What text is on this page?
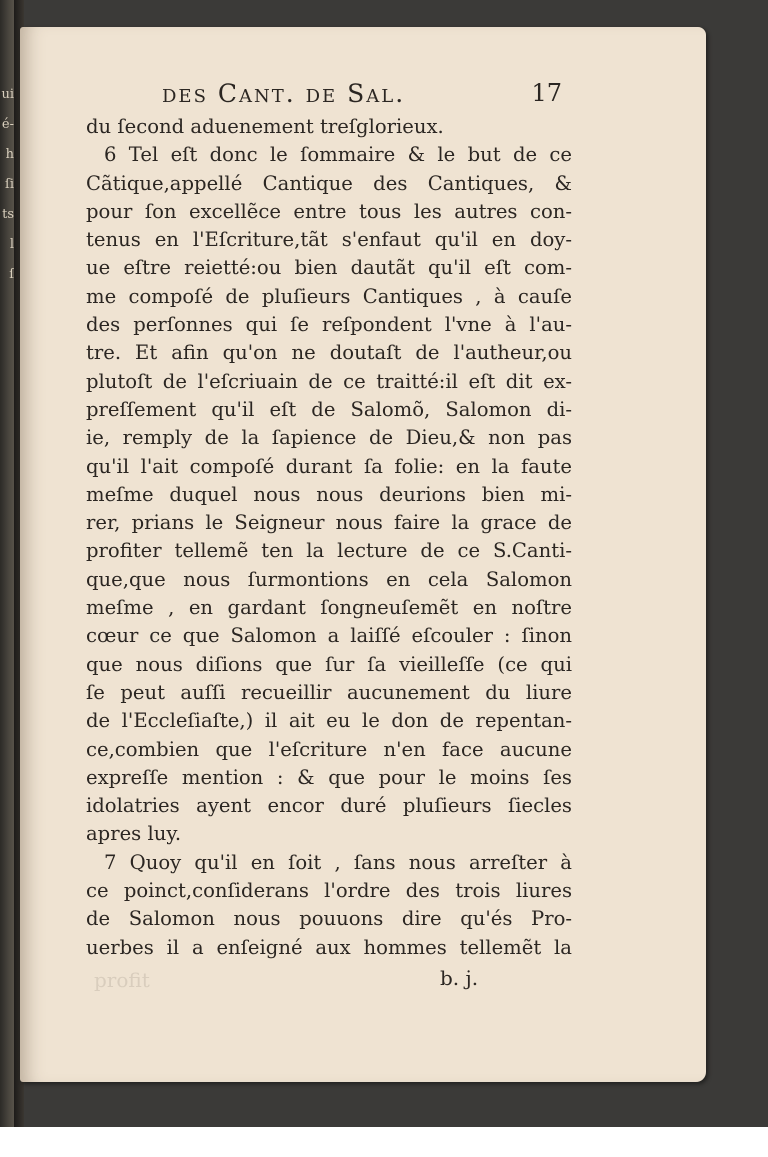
ui
é-
h
ſi
ts
l
ſ
des Cant. de Sal.	17
du ſecond aduenement treſglorieux.
6 Tel eſt donc le ſommaire & le but de ce
Cãtique,appellé Cantique des Cantiques, &
pour ſon excellẽce entre tous les autres con-
tenus en l'Eſcriture,tãt s'enfaut qu'il en doy-
ue eſtre reietté:ou bien dautãt qu'il eſt com-
me compoſé de pluſieurs Cantiques , à cauſe
des perſonnes qui ſe reſpondent l'vne à l'au-
tre. Et afin qu'on ne doutaſt de l'autheur,ou
plutoſt de l'eſcriuain de ce traitté:il eſt dit ex-
preſſement qu'il eſt de Salomõ, Salomon di-
ie, remply de la ſapience de Dieu,& non pas
qu'il l'ait compoſé durant ſa folie: en la faute
meſme duquel nous nous deurions bien mi-
rer, prians le Seigneur nous faire la grace de
profiter tellemẽ ten la lecture de ce S.Canti-
que,que nous ſurmontions en cela Salomon
meſme , en gardant ſongneuſemẽt en noſtre
cœur ce que Salomon a laiſſé eſcouler : ſinon
que nous diſions que ſur ſa vieilleſſe (ce qui
ſe peut auſſi recueillir aucunement du liure
de l'Eccleſiaſte,) il ait eu le don de repentan-
ce,combien que l'eſcriture n'en face aucune
expreſſe mention : & que pour le moins ſes
idolatries ayent encor duré pluſieurs ſiecles
apres luy.
7 Quoy qu'il en ſoit , ſans nous arreſter à
ce poinct,conſiderans l'ordre des trois liures
de Salomon nous pouuons dire qu'és Pro-
uerbes il a enſeigné aux hommes tellemẽt la
profit	b. j.
